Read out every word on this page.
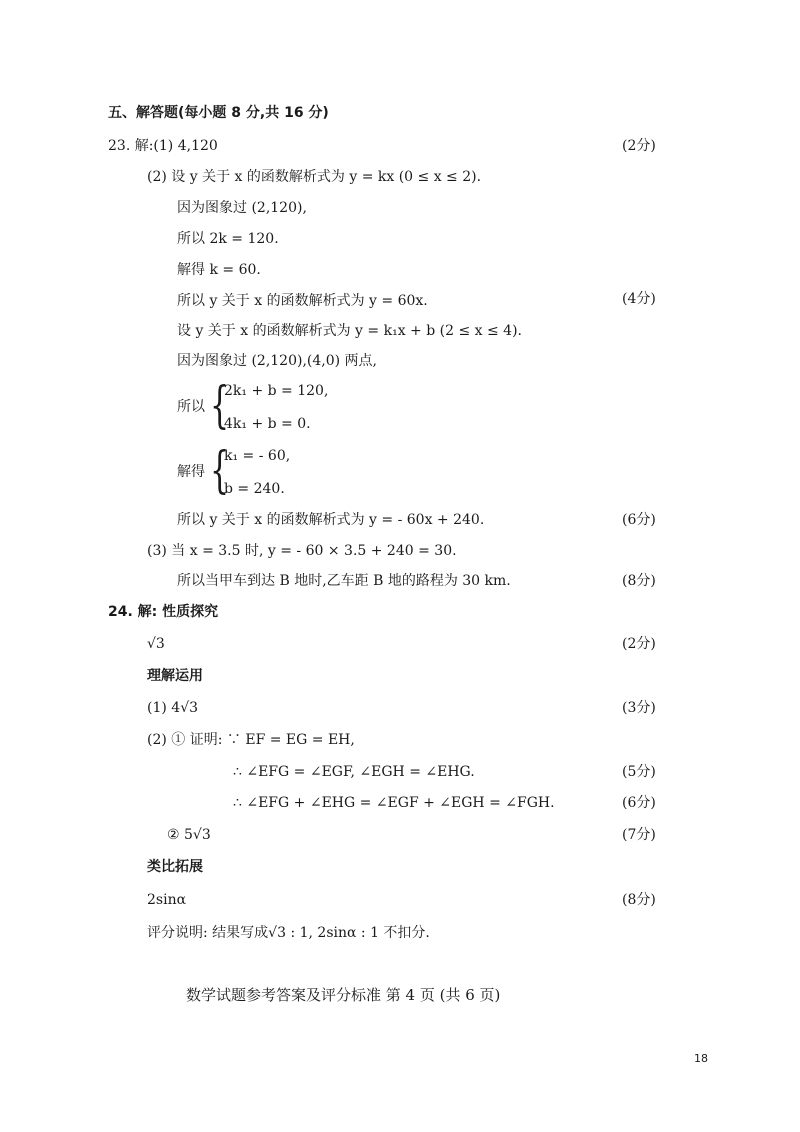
五、解答题(每小题 8 分,共 16 分)
23. 解:(1) 4,120	(2分)
(2) 设 y 关于 x 的函数解析式为 y = kx (0 ≤ x ≤ 2).
因为图象过 (2,120),
所以 2k = 120.
解得 k = 60.
所以 y 关于 x 的函数解析式为 y = 60x.	(4分)
设 y 关于 x 的函数解析式为 y = k₁x + b (2 ≤ x ≤ 4).
因为图象过 (2,120),(4,0) 两点,
所以 {
2k₁ + b = 120,
4k₁ + b = 0.
解得 {
k₁ = - 60,
b = 240.
所以 y 关于 x 的函数解析式为 y = - 60x + 240.	(6分)
(3) 当 x = 3.5 时, y = - 60 × 3.5 + 240 = 30.
所以当甲车到达 B 地时,乙车距 B 地的路程为 30 km.	(8分)
24. 解: 性质探究
√3	(2分)
理解运用
(1) 4√3	(3分)
(2) ① 证明: ∵ EF = EG = EH,
∴ ∠EFG = ∠EGF, ∠EGH = ∠EHG.	(5分)
∴ ∠EFG + ∠EHG = ∠EGF + ∠EGH = ∠FGH.	(6分)
② 5√3	(7分)
类比拓展
2sinα	(8分)
评分说明: 结果写成√3 : 1, 2sinα : 1 不扣分.
数学试题参考答案及评分标准 第 4 页 (共 6 页)
18
